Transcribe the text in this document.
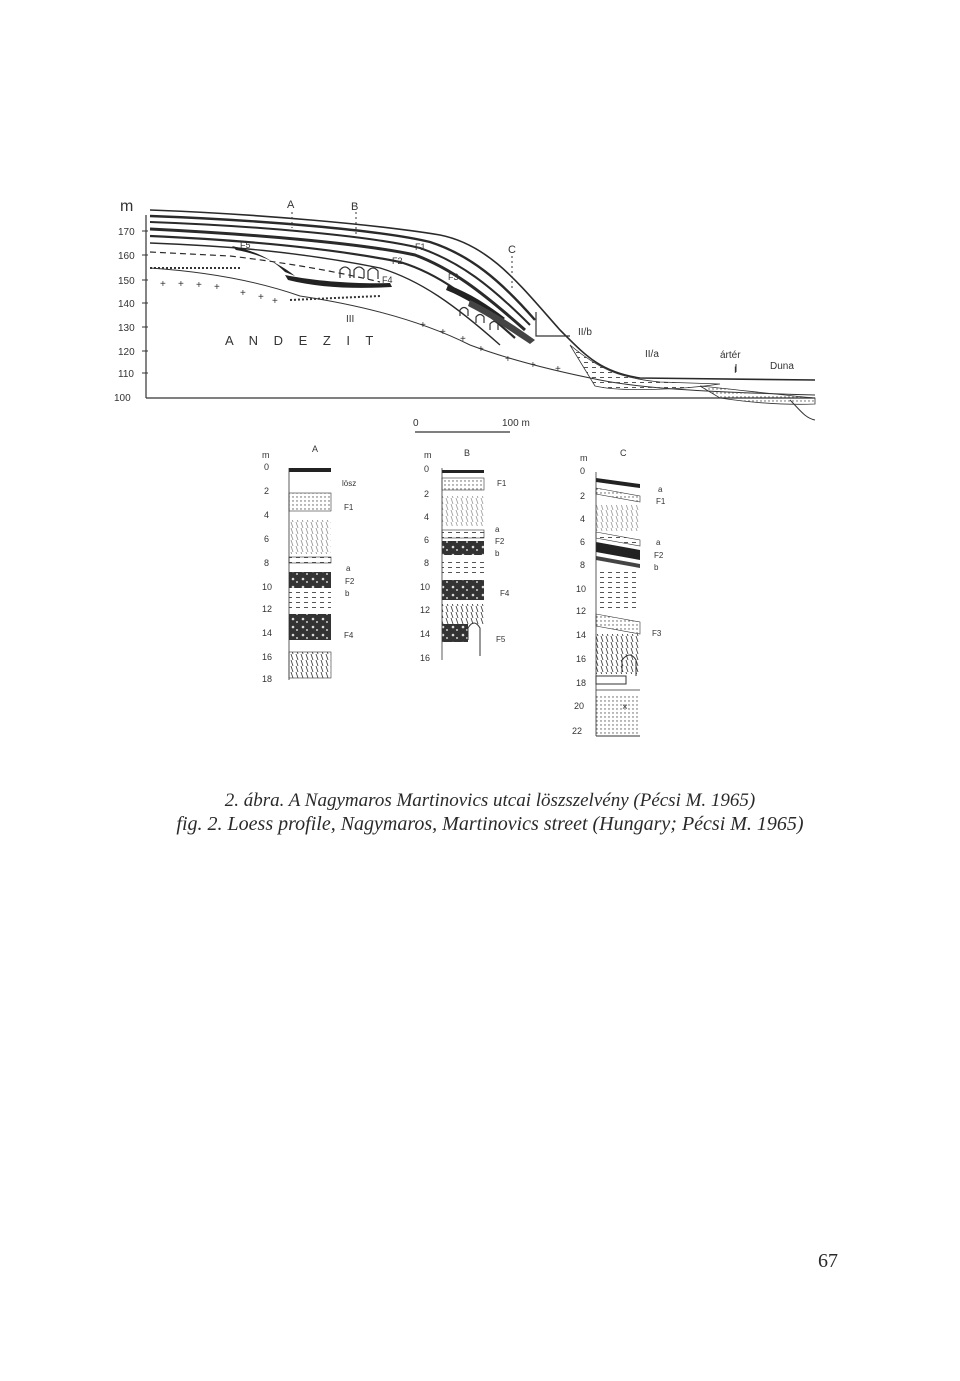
m
170
160
150
140
130
120
110
100
+ + + +
+ + +
+
+
+
+
+
+ +
A	B
C
F5
F4	F3
F2
F1
III
A N D E Z I T
II/b
II/a	ártér
I	Duna
0	100 m
m
A
0
2
4
6
8
10
12
14
16
18
lösz
F1
a
F2
b
F4
m	B
0
2
4
6
8
10
12
14
16
F1
a
F2
b
F4
F5
m	C
0
2
4
6
8
10
12
14
16
18
20
22
×
a
F1
a
F2
b
F3
2. ábra. A Nagymaros Martinovics utcai löszszelvény (Pécsi M. 1965)
fig. 2. Loess profile, Nagymaros, Martinovics street (Hungary; Pécsi M. 1965)
67
